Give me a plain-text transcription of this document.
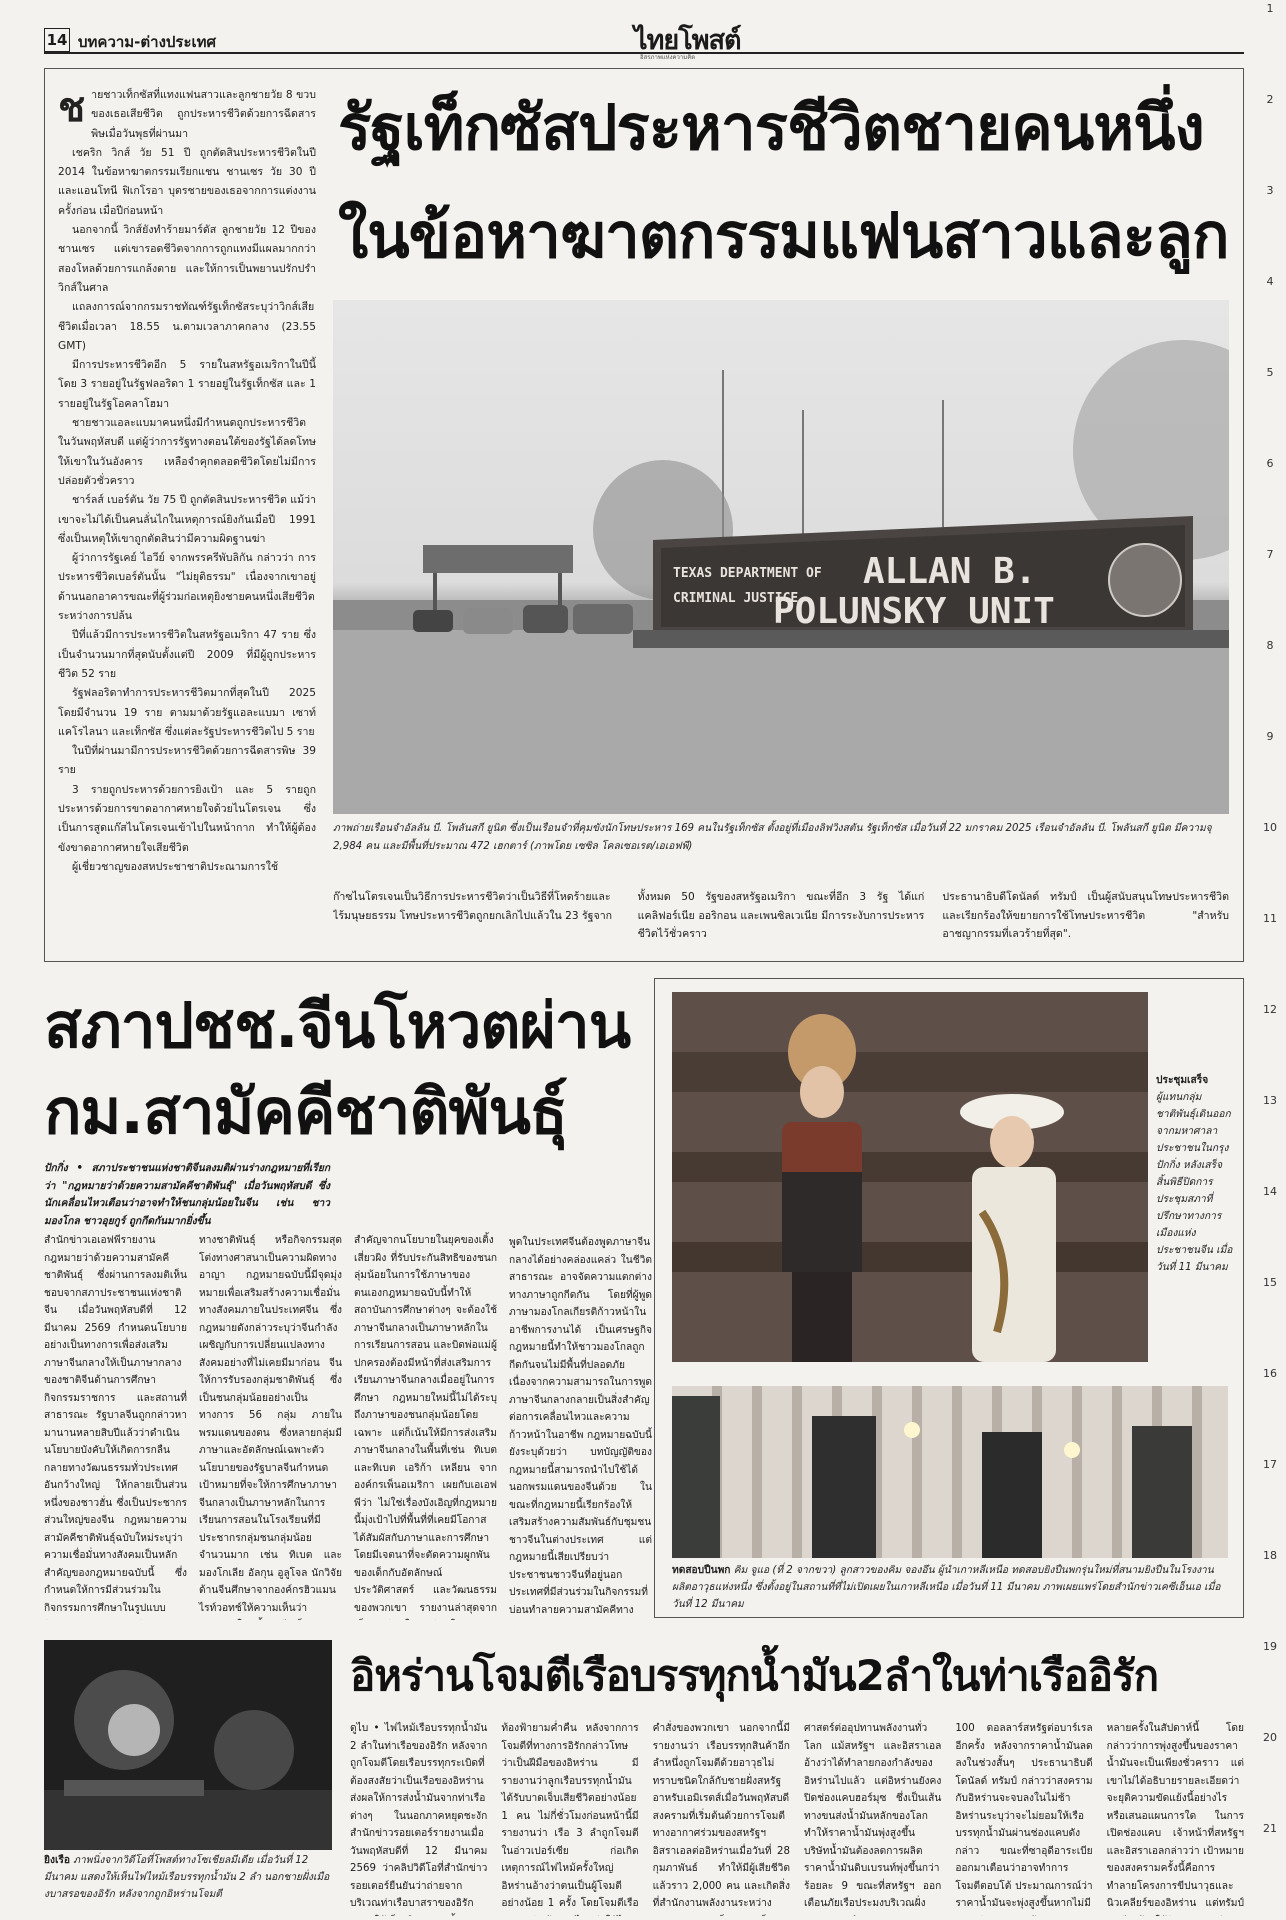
14 บทความ-ต่างประเทศ	ไทยโพสต์
อิสรภาพแห่งความคิด
1
2
3
4
5
6
7
8
9
10
11
12
13
14
15
16
17
18
19
20
21
ช ายชาวเท็กซัสที่แทงแฟนสาวและลูกชายวัย 8 ขวบของเธอเสียชีวิต ถูกประหารชีวิตด้วยการฉีดสารพิษเมื่อวันพุธที่ผ่านมา

เชคริก วิกส์ วัย 51 ปี ถูกตัดสินประหารชีวิตในปี 2014 ในข้อหาฆาตกรรมเรียกแชน ชานเซร วัย 30 ปี และแอนโทนี ฟิเกโรอา บุตรชายของเธอจากการแต่งงานครั้งก่อน เมื่อปีก่อนหน้า

นอกจากนี้ วิกส์ยังทำร้ายมาร์ดัส ลูกชายวัย 12 ปีของชานเซร แต่เขารอดชีวิตจากการถูกแทงมีแผลมากกว่าสองโหลด้วยการแกล้งตาย และให้การเป็นพยานปรักปรำวิกส์ในศาล

แถลงการณ์จากกรมราชทัณฑ์รัฐเท็กซัสระบุว่าวิกส์เสียชีวิตเมื่อเวลา 18.55 น.ตามเวลาภาคกลาง (23.55 GMT)

มีการประหารชีวิตอีก 5 รายในสหรัฐอเมริกาในปีนี้ โดย 3 รายอยู่ในรัฐฟลอริดา 1 รายอยู่ในรัฐเท็กซัส และ 1 รายอยู่ในรัฐโอคลาโฮมา

ชายชาวแอละแบมาคนหนึ่งมีกำหนดถูกประหารชีวิตในวันพฤหัสบดี แต่ผู้ว่าการรัฐทางตอนใต้ของรัฐได้ลดโทษให้เขาในวันอังคาร เหลือจำคุกตลอดชีวิตโดยไม่มีการปล่อยตัวชั่วคราว

ชาร์ลส์ เบอร์ตัน วัย 75 ปี ถูกตัดสินประหารชีวิต แม้ว่าเขาจะไม่ได้เป็นคนลั่นไกในเหตุการณ์ยิงกันเมื่อปี 1991 ซึ่งเป็นเหตุให้เขาถูกตัดสินว่ามีความผิดฐานฆ่า

ผู้ว่าการรัฐเคย์ ไอวีย์ จากพรรครีพับลิกัน กล่าวว่า การประหารชีวิตเบอร์ตันนั้น "ไม่ยุติธรรม" เนื่องจากเขาอยู่ด้านนอกอาคารขณะที่ผู้ร่วมก่อเหตุยิงชายคนหนึ่งเสียชีวิตระหว่างการปล้น

ปีที่แล้วมีการประหารชีวิตในสหรัฐอเมริกา 47 ราย ซึ่งเป็นจำนวนมากที่สุดนับตั้งแต่ปี 2009 ที่มีผู้ถูกประหารชีวิต 52 ราย

รัฐฟลอริดาทำการประหารชีวิตมากที่สุดในปี 2025 โดยมีจำนวน 19 ราย ตามมาด้วยรัฐแอละแบมา เซาท์แคโรไลนา และเท็กซัส ซึ่งแต่ละรัฐประหารชีวิตไป 5 ราย

ในปีที่ผ่านมามีการประหารชีวิตด้วยการฉีดสารพิษ 39 ราย

3 รายถูกประหารด้วยการยิงเป้า และ 5 รายถูกประหารด้วยการขาดอากาศหายใจด้วยไนโตรเจน ซึ่งเป็นการสูดแก๊สไนโตรเจนเข้าไปในหน้ากาก ทำให้ผู้ต้องขังขาดอากาศหายใจเสียชีวิต

ผู้เชี่ยวชาญของสหประชาชาติประณามการใช้

รัฐเท็กซัสประหารชีวิตชายคนหนึ่ง
ในข้อหาฆาตกรรมแฟนสาวและลูก
TEXAS DEPARTMENT OF
CRIMINAL JUSTICE
ALLAN B.
POLUNSKY UNIT
ภาพถ่ายเรือนจำอัลลัน บี. โพลันสกี ยูนิต ซึ่งเป็นเรือนจำที่คุมขังนักโทษประหาร 169 คนในรัฐเท็กซัส ตั้งอยู่ที่เมืองลิฟวิงสตัน รัฐเท็กซัส เมื่อวันที่ 22 มกราคม 2025 เรือนจำอัลลัน บี. โพลันสกี ยูนิต มีความจุ 2,984 คน และมีพื้นที่ประมาณ 472 เฮกตาร์ (ภาพโดย เซซิล โคลเซอเรต/เอเอฟพี)
ก๊าซไนโตรเจนเป็นวิธีการประหารชีวิตว่าเป็นวิธีที่โหดร้ายและไร้มนุษยธรรม โทษประหารชีวิตถูกยกเลิกไปแล้วใน 23 รัฐจาก
ทั้งหมด 50 รัฐของสหรัฐอเมริกา ขณะที่อีก 3 รัฐ ได้แก่ แคลิฟอร์เนีย ออริกอน และเพนซิลเวเนีย มีการระงับการประหารชีวิตไว้ชั่วคราว
ประธานาธิบดีโดนัลด์ ทรัมป์ เป็นผู้สนับสนุนโทษประหารชีวิต และเรียกร้องให้ขยายการใช้โทษประหารชีวิต "สำหรับอาชญากรรมที่เลวร้ายที่สุด".
สภาปชช.จีนโหวตผ่าน
กม.สามัคคีชาติพันธุ์
ปักกิ่ง • สภาประชาชนแห่งชาติจีนลงมติผ่านร่างกฎหมายที่เรียกว่า "กฎหมายว่าด้วยความสามัคคีชาติพันธุ์" เมื่อวันพฤหัสบดี ซึ่งนักเคลื่อนไหวเตือนว่าอาจทำให้ชนกลุ่มน้อยในจีน เช่น ชาวมองโกล ชาวอุยกูร์ ถูกกีดกันมากยิ่งขึ้น
สำนักข่าวเอเอฟพีรายงานกฎหมายว่าด้วยความสามัคคีชาติพันธุ์ ซึ่งผ่านการลงมติเห็นชอบจากสภาประชาชนแห่งชาติจีน เมื่อวันพฤหัสบดีที่ 12 มีนาคม 2569 กำหนดนโยบายอย่างเป็นทางการเพื่อส่งเสริมภาษาจีนกลางให้เป็นภาษากลางของชาติจีนด้านการศึกษา กิจกรรมราชการ และสถานที่สาธารณะ รัฐบาลจีนถูกกล่าวหามานานหลายสิบปีแล้วว่าดำเนินนโยบายบังคับให้เกิดการกลืนกลายทางวัฒนธรรมทั่วประเทศ อันกว้างใหญ่ ให้กลายเป็นส่วนหนึ่งของชาวฮั่น ซึ่งเป็นประชากรส่วนใหญ่ของจีน กฎหมายความสามัคคีชาติพันธุ์ฉบับใหม่ระบุว่า ความเชื่อมั่นทางสังคมเป็นหลักสำคัญของกฎหมายฉบับนี้ ซึ่งกำหนดให้การมีส่วนร่วมในกิจกรรมการศึกษาในรูปแบบ
ทางชาติพันธุ์ หรือกิจกรรมสุดโต่งทางศาสนาเป็นความผิดทางอาญา กฎหมายฉบับนี้มีจุดมุ่งหมายเพื่อเสริมสร้างความเชื่อมั่นทางสังคมภายในประเทศจีน ซึ่งกฎหมายดังกล่าวระบุว่าจีนกำลังเผชิญกับการเปลี่ยนแปลงทางสังคมอย่างที่ไม่เคยมีมาก่อน จีนให้การรับรองกลุ่มชาติพันธุ์ ซึ่งเป็นชนกลุ่มน้อยอย่างเป็นทางการ 56 กลุ่ม ภายในพรมแดนของตน ซึ่งหลายกลุ่มมีภาษาและอัตลักษณ์เฉพาะตัว นโยบายของรัฐบาลจีนกำหนดเป้าหมายที่จะให้การศึกษาภาษาจีนกลางเป็นภาษาหลักในการเรียนการสอนในโรงเรียนที่มีประชากรกลุ่มชนกลุ่มน้อยจำนวนมาก เช่น ทิเบต และมองโกเลีย อัลกุน อูลูโจล นักวิจัยด้านจีนศึกษาจากองค์กรฮิวแมนไรท์วอทช์ให้ความเห็นว่า
สำคัญจากนโยบายในยุคของเติ้งเสี่ยวผิง ที่รับประกันสิทธิของชนกลุ่มน้อยในการใช้ภาษาของตนเองกฎหมายฉบับนี้ทำให้สถาบันการศึกษาต่างๆ จะต้องใช้ภาษาจีนกลางเป็นภาษาหลักในการเรียนการสอน และบิดพ่อแม่ผู้ปกครองต้องมีหน้าที่ส่งเสริมการเรียนภาษาจีนกลางเมื่ออยู่ในการศึกษา กฎหมายใหม่นี้ไม่ได้ระบุถึงภาษาของชนกลุ่มน้อยโดยเฉพาะ แต่ก็เน้นให้มีการส่งเสริมภาษาจีนกลางในพื้นที่เช่น ทิเบต และทิเบต เอริก้า เหลียน จากองค์กรเพ็นอเมริกา เผยกับเอเอฟพีว่า ไม่ใช่เรื่องบังเอิญที่กฎหมายนี้มุ่งเป้าไปที่พื้นที่ที่เคยมีโอกาสได้สัมผัสกับภาษาและการศึกษา โดยมีเจตนาที่จะตัดความผูกพันของเด็กกับอัตลักษณ์ ประวัติศาสตร์ และวัฒนธรรมของพวกเขา รายงานล่าสุดจาก
พูดในประเทศจีนต้องพูดภาษาจีนกลางได้อย่างคล่องแคล่ว ในชีวิตสาธารณะ อาจจัดความแตกต่างทางภาษาถูกกีดกัน โดยที่ผู้พูดภาษามองโกลเกียรติก้าวหน้าในอาชีพการงานได้ เป็นเศรษฐกิจ กฎหมายนี้ทำให้ชาวมองโกลถูกกีดกันจนไม่มีพื้นที่ปลอดภัย เนื่องจากความสามารถในการพูดภาษาจีนกลางกลายเป็นสิ่งสำคัญต่อการเคลื่อนไหวและความก้าวหน้าในอาชีพ กฎหมายฉบับนี้ยังระบุด้วยว่า บทบัญญัติของกฎหมายนี้สามารถนำไปใช้ได้นอกพรมแดนของจีนด้วย ในขณะที่กฎหมายนี้เรียกร้องให้เสริมสร้างความสัมพันธ์กับชุมชนชาวจีนในต่างประเทศ แต่กฎหมายนี้เสียเปรียบว่า ประชาชนชาวจีนที่อยู่นอกประเทศที่มีส่วนร่วมในกิจกรรมที่บ่อนทำลายความสามัคคีทาง
ประชุมเสร็จ
ผู้แทนกลุ่มชาติพันธุ์เดินออกจากมหาศาลาประชาชนในกรุงปักกิ่ง หลังเสร็จสิ้นพิธีปิดการประชุมสภาที่ปรึกษาทางการเมืองแห่งประชาชนจีน เมื่อวันที่ 11 มีนาคม
ทดสอบปืนพก คิม จูแอ (ที่ 2 จากขวา) ลูกสาวของคิม จองอึน ผู้นำเกาหลีเหนือ ทดสอบยิงปืนพกรุ่นใหม่ที่สนามยิงปืนในโรงงานผลิตอาวุธแห่งหนึ่ง ซึ่งตั้งอยู่ในสถานที่ที่ไม่เปิดเผยในเกาหลีเหนือ เมื่อวันที่ 11 มีนาคม ภาพเผยแพร่โดยสำนักข่าวเคซีเอ็นเอ เมื่อวันที่ 12 มีนาคม
ยิงเรือ ภาพนิ่งจากวิดีโอที่โพสต์ทางโซเชียลมีเดีย เมื่อวันที่ 12 มีนาคม แสดงให้เห็นไฟไหม้เรือบรรทุกน้ำมัน 2 ลำ นอกชายฝั่งเมืองบาสรอของอิรัก หลังจากถูกอิหร่านโจมตี
อิหร่านโจมตีเรือบรรทุกน้ำมัน2ลำในท่าเรืออิรัก
ดูไบ • ไฟไหม้เรือบรรทุกน้ำมัน 2 ลำในท่าเรือของอิรัก หลังจากถูกโจมตีโดยเรือบรรทุกระเบิดที่ต้องสงสัยว่าเป็นเรือของอิหร่าน ส่งผลให้การส่งน้ำมันจากท่าเรือต่างๆ ในนอกภาคหยุดชะงัก สำนักข่าวรอยเตอร์รายงานเมื่อวันพฤหัสบดีที่ 12 มีนาคม 2569 ว่าคลิปวิดีโอที่สำนักข่าวรอยเตอร์ยืนยันว่าถ่ายจากบริเวณท่าเรือบาสราของอิรัก
ท้องฟ้ายามค่ำคืน หลังจากการโจมตีที่ทางการอิรักกล่าวโทษว่าเป็นฝีมือของอิหร่าน มีรายงานว่าลูกเรือบรรทุกน้ำมันได้รับบาดเจ็บเสียชีวิตอย่างน้อย 1 คน ไม่กี่ชั่วโมงก่อนหน้านี้มีรายงานว่า เรือ 3 ลำถูกโจมตีในอ่าวเปอร์เซีย ก่อเกิดเหตุการณ์ไฟไหม้ครั้งใหญ่ อิหร่านอ้างว่าตนเป็นผู้โจมตีอย่างน้อย 1 ครั้ง โดยโจมตีเรือ
คำสั่งของพวกเขา นอกจากนี้มีรายงานว่า เรือบรรทุกสินค้าอีกลำหนึ่งถูกโจมตีด้วยอาวุธไม่ทราบชนิดใกล้กับชายฝั่งสหรัฐอาหรับเอมิเรตส์เมื่อวันพฤหัสบดี สงครามที่เริ่มต้นด้วยการโจมตีทางอากาศร่วมของสหรัฐฯ อิสราเอลต่ออิหร่านเมื่อวันที่ 28 กุมภาพันธ์ ทำให้มีผู้เสียชีวิตแล้วราว 2,000 คน และเกิดสิ่งที่สำนักงานพลังงานระหว่าง
ศาสตร์ต่ออุปทานพลังงานทั่วโลก แม้สหรัฐฯ และอิสราเอลอ้างว่าได้ทำลายกองกำลังของอิหร่านไปแล้ว แต่อิหร่านยังคงปิดช่องแคบฮอร์มุซ ชึ่งเป็นเส้นทางขนส่งน้ำมันหลักของโลก ทำให้ราคาน้ำมันพุ่งสูงขึ้น บริษัทน้ำมันต้องลดการผลิต ราคาน้ำมันดิบเบรนท์พุ่งขึ้นกว่าร้อยละ 9 ขณะที่สหรัฐฯ ออกเตือนภัยเรือประมงบริเวณฝั่ง
100 ดอลลาร์สหรัฐต่อบาร์เรลอีกครั้ง หลังจากราคาน้ำมันลดลงในช่วงสั้นๆ ประธานาธิบดีโดนัลด์ ทรัมป์ กล่าวว่าสงครามกับอิหร่านจะจบลงในไม่ช้า อิหร่านระบุว่าจะไม่ยอมให้เรือบรรทุกน้ำมันผ่านช่องแคบดังกล่าว ขณะที่ซาอุดีอาระเบียออกมาเตือนว่าอาจทำการโจมตีตอบโต้ ประมาณการณ์ว่าราคาน้ำมันจะพุ่งสูงขึ้นหากไม่มี
หลายครั้งในสัปดาห์นี้ โดยกล่าวว่าการพุ่งสูงขึ้นของราคาน้ำมันจะเป็นเพียงชั่วคราว แต่เขาไม่ได้อธิบายรายละเอียดว่าจะยุติความขัดแย้งนี้อย่างไร หรือเสนอแผนการใด ในการเปิดช่องแคบ เจ้าหน้าที่สหรัฐฯ และอิสราเอลกล่าวว่า เป้าหมายของสงครามครั้งนี้คือการทำลายโครงการขีปนาวุธและนิวเคลียร์ของอิหร่าน แต่ทรัมป์
